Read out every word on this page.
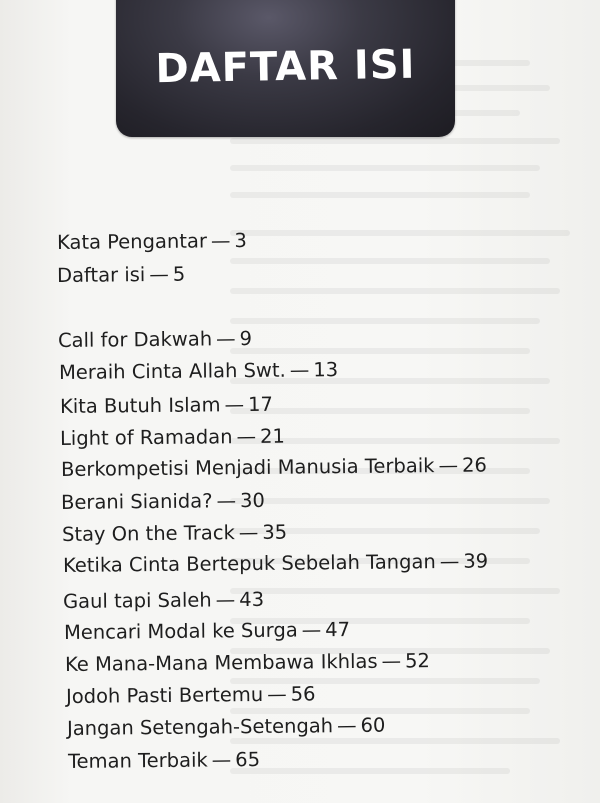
DAFTAR ISI
Kata Pengantar — 3
Daftar isi — 5
Call for Dakwah — 9
Meraih Cinta Allah Swt. — 13
Kita Butuh Islam — 17
Light of Ramadan — 21
Berkompetisi Menjadi Manusia Terbaik — 26
Berani Sianida? — 30
Stay On the Track — 35
Ketika Cinta Bertepuk Sebelah Tangan — 39
Gaul tapi Saleh — 43
Mencari Modal ke Surga — 47
Ke Mana-Mana Membawa Ikhlas — 52
Jodoh Pasti Bertemu — 56
Jangan Setengah-Setengah — 60
Teman Terbaik — 65
